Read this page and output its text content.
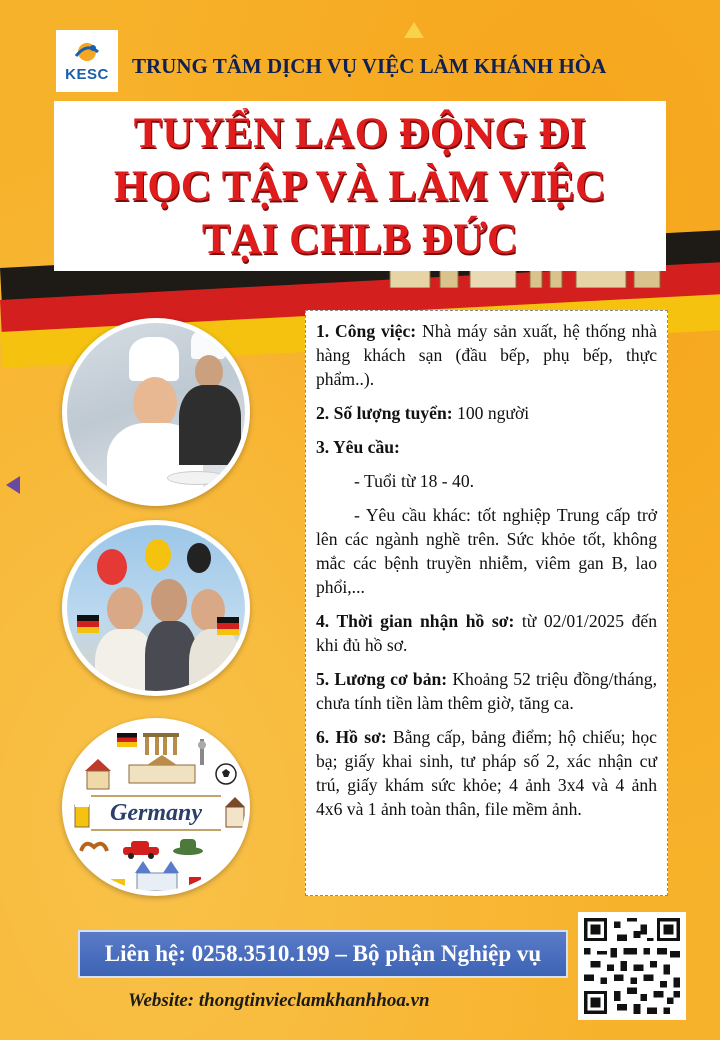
KESC TRUNG TÂM DỊCH VỤ VIỆC LÀM KHÁNH HÒA
TUYỂN LAO ĐỘNG ĐI
HỌC TẬP VÀ LÀM VIỆC
TẠI CHLB ĐỨC
Germany

1. Công việc: Nhà máy sản xuất, hệ thống nhà hàng khách sạn (đầu bếp, phụ bếp, thực phẩm..).

2. Số lượng tuyển: 100 người

3. Yêu cầu:

- Tuổi từ 18 - 40.

- Yêu cầu khác: tốt nghiệp Trung cấp trở lên các ngành nghề trên. Sức khỏe tốt, không mắc các bệnh truyền nhiễm, viêm gan B, lao phổi,...

4. Thời gian nhận hồ sơ: từ 02/01/2025 đến khi đủ hồ sơ.

5. Lương cơ bản: Khoảng 52 triệu đồng/tháng, chưa tính tiền làm thêm giờ, tăng ca.

6. Hồ sơ: Bằng cấp, bảng điểm; hộ chiếu; học bạ; giấy khai sinh, tư pháp số 2, xác nhận cư trú, giấy khám sức khỏe; 4 ảnh 3x4 và 4 ảnh 4x6 và 1 ảnh toàn thân, file mềm ảnh.

Liên hệ: 0258.3510.199 – Bộ phận Nghiệp vụ
Website: thongtinvieclamkhanhhoa.vn
